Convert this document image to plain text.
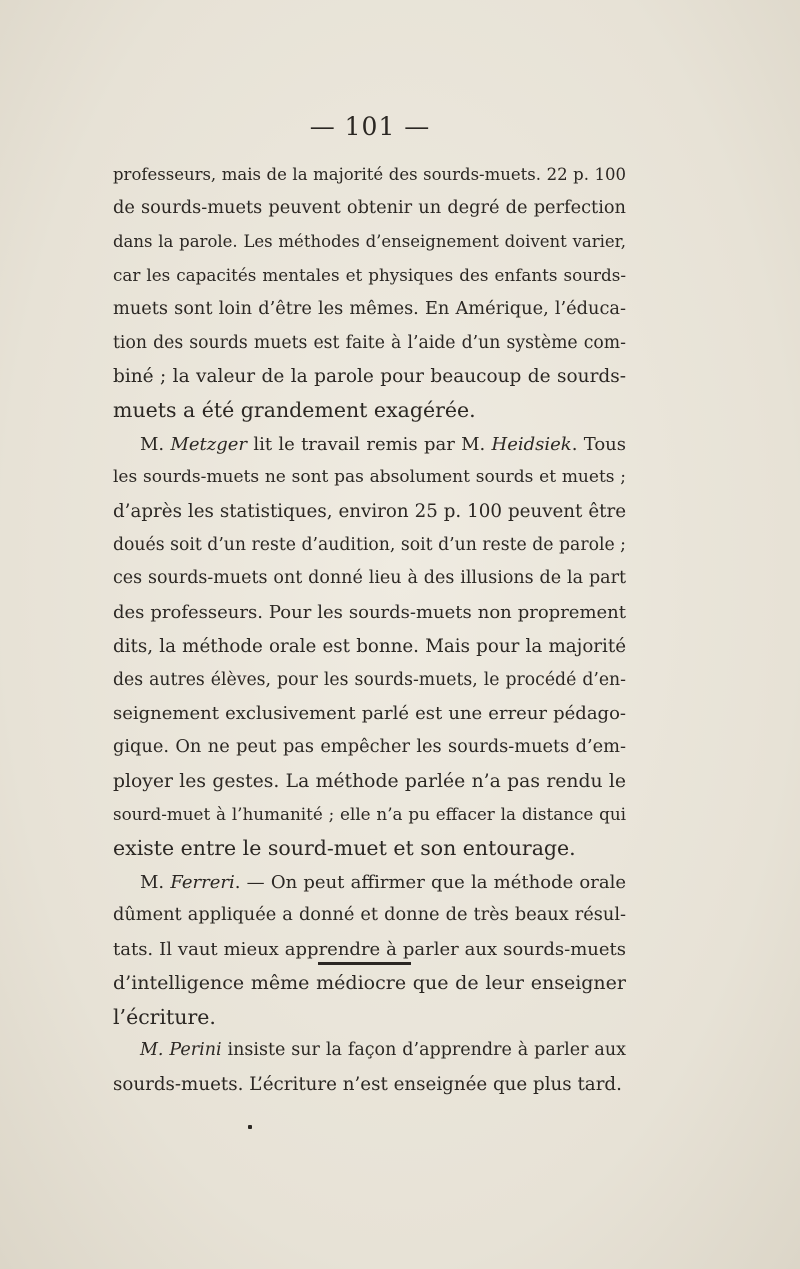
— 101 —
professeurs, mais de la majorité des sourds-muets. 22 p. 100
de sourds-muets peuvent obtenir un degré de perfection
dans la parole. Les méthodes d’enseignement doivent varier,
car les capacités mentales et physiques des enfants sourds-
muets sont loin d’être les mêmes. En Amérique, l’éduca-
tion des sourds muets est faite à l’aide d’un système com-
biné ; la valeur de la parole pour beaucoup de sourds-
muets a été grandement exagérée.
M. Metzger lit le travail remis par M. Heidsiek. Tous
les sourds-muets ne sont pas absolument sourds et muets ;
d’après les statistiques, environ 25 p. 100 peuvent être
doués soit d’un reste d’audition, soit d’un reste de parole ;
ces sourds-muets ont donné lieu à des illusions de la part
des professeurs. Pour les sourds-muets non proprement
dits, la méthode orale est bonne. Mais pour la majorité
des autres élèves, pour les sourds-muets, le procédé d’en-
seignement exclusivement parlé est une erreur pédago-
gique. On ne peut pas empêcher les sourds-muets d’em-
ployer les gestes. La méthode parlée n’a pas rendu le
sourd-muet à l’humanité ; elle n’a pu effacer la distance qui
existe entre le sourd-muet et son entourage.
M. Ferreri. — On peut affirmer que la méthode orale
dûment appliquée a donné et donne de très beaux résul-
tats. Il vaut mieux apprendre à parler aux sourds-muets
d’intelligence même médiocre que de leur enseigner
l’écriture.
M. Perini insiste sur la façon d’apprendre à parler aux
sourds-muets. L’écriture n’est enseignée que plus tard.
